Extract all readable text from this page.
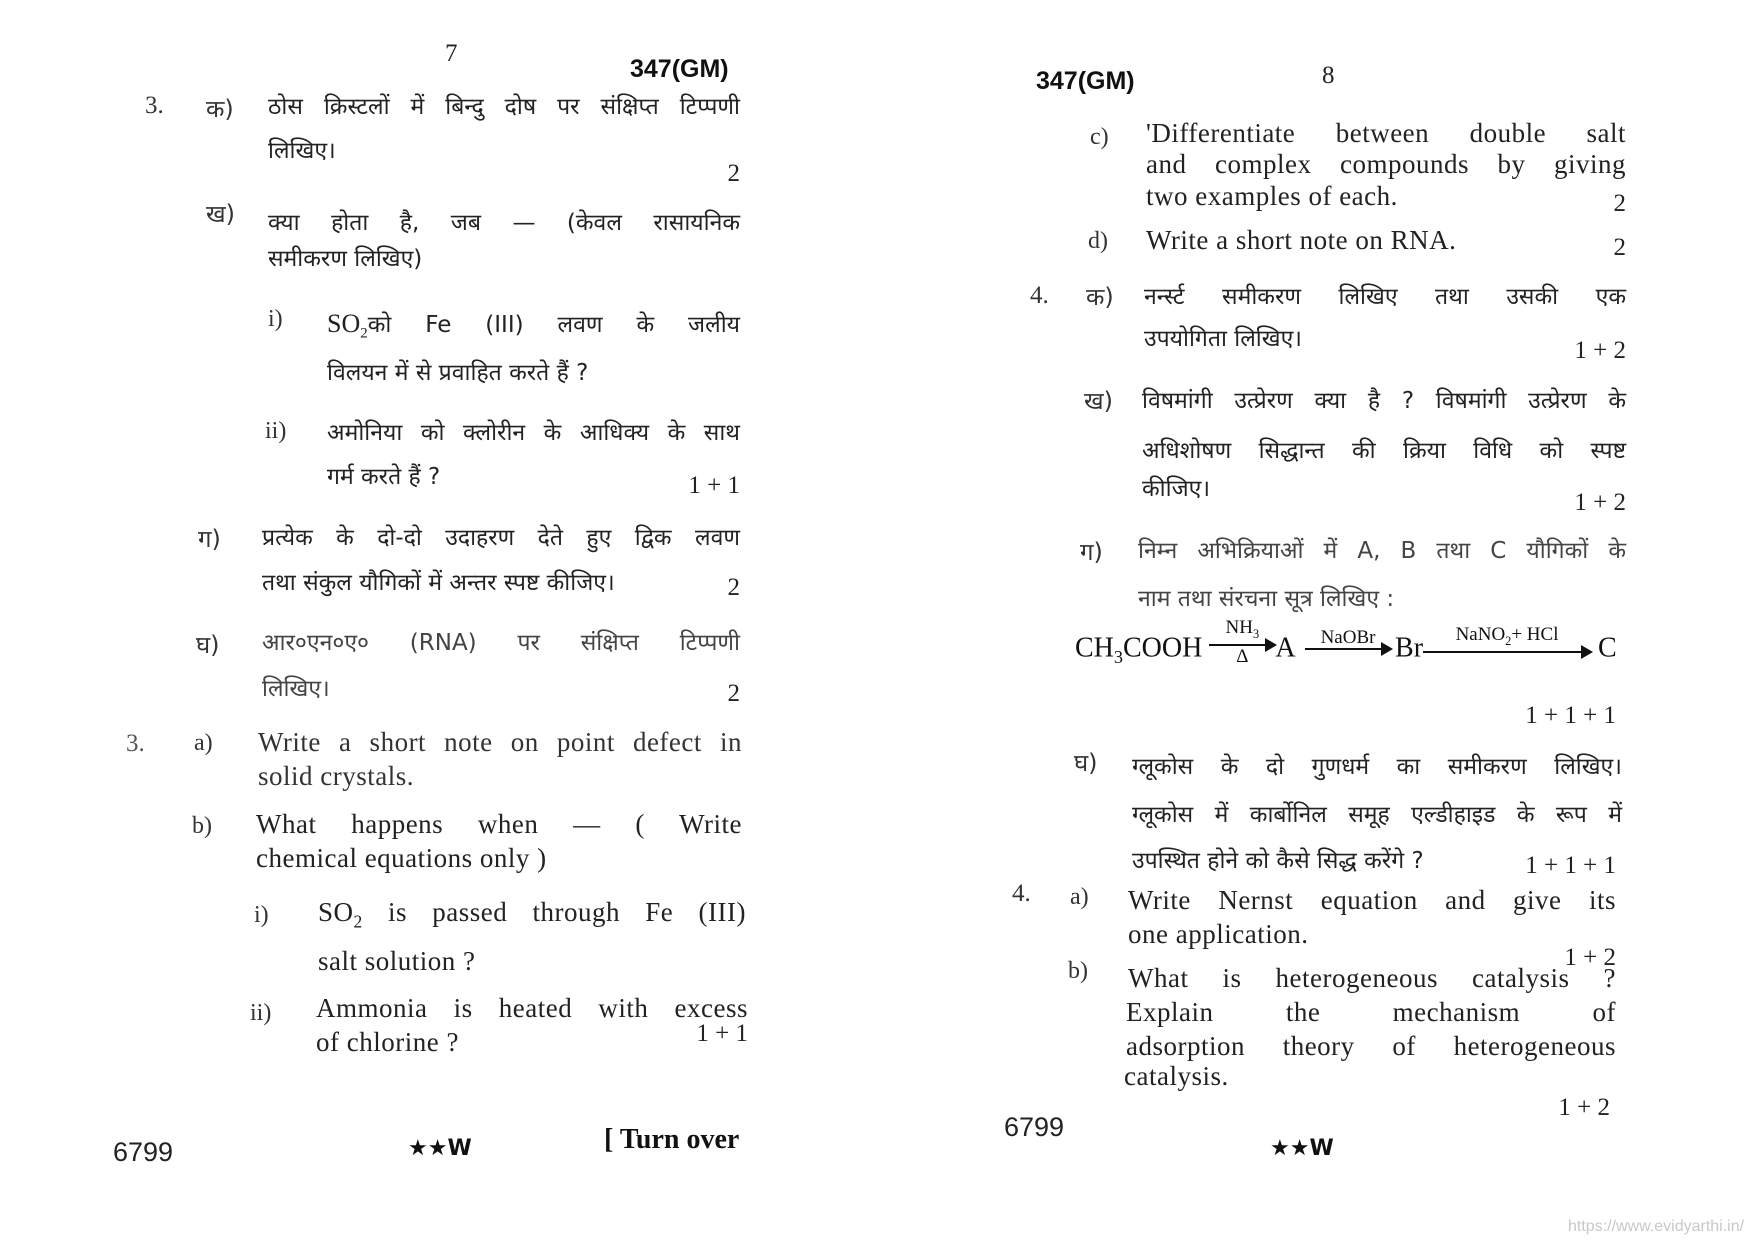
7
347(GM)
3. क) ठोस क्रिस्टलों में बिन्दु दोष पर संक्षिप्त टिप्पणी
लिखिए।
2
ख) क्या होता है, जब — (केवल रासायनिक
समीकरण लिखिए)
i) $SO_2को$ Fe (III) लवण के जलीय
विलयन में से प्रवाहित करते हैं ?
ii) अमोनिया को क्लोरीन के आधिक्य के साथ
गर्म करते हैं ?	1 + 1
ग) प्रत्येक के दो-दो उदाहरण देते हुए द्विक लवण
तथा संकुल यौगिकों में अन्तर स्पष्ट कीजिए।	2
घ) आर०एन०ए० (RNA) पर संक्षिप्त टिप्पणी
लिखिए।	2
3. a) Write a short note on point defect in
solid crystals.
b) What happens when — ( Write
chemical equations only )
i) $SO_2$ is passed through Fe (III)
salt solution ?
ii) Ammonia is heated with excess
of chlorine ?	1 + 1
6799	★★W	[ Turn over
347(GM)	8
c) 'Differentiate between double salt
and complex compounds by giving
two examples of each.	2
d) Write a short note on RNA.	2
4. क) नर्न्स्ट समीकरण लिखिए तथा उसकी एक
उपयोगिता लिखिए।	1 + 2
ख) विषमांगी उत्प्रेरण क्या है ? विषमांगी उत्प्रेरण के
अधिशोषण सिद्धान्त की क्रिया विधि को स्पष्ट
कीजिए।	1 + 2
ग) निम्न अभिक्रियाओं में A, B तथा C यौगिकों के
नाम तथा संरचना सूत्र लिखिए :
$CH_3COOH \frac{NH_3}{\Delta}$ A	NaOBr Br	NaNO$_2$+ HCl	C
1 + 1 + 1
घ) ग्लूकोस के दो गुणधर्म का समीकरण लिखिए।
ग्लूकोस में कार्बोनिल समूह एल्डीहाइड के रूप में
उपस्थित होने को कैसे सिद्ध करेंगे ?	1 + 1 + 1
4. a) Write Nernst equation and give its
one application.
1 + 2
b) What is heterogeneous catalysis ?
Explain the mechanism of
adsorption theory of heterogeneous
catalysis.
1 + 2
6799
★★W
https://www.evidyarthi.in/
